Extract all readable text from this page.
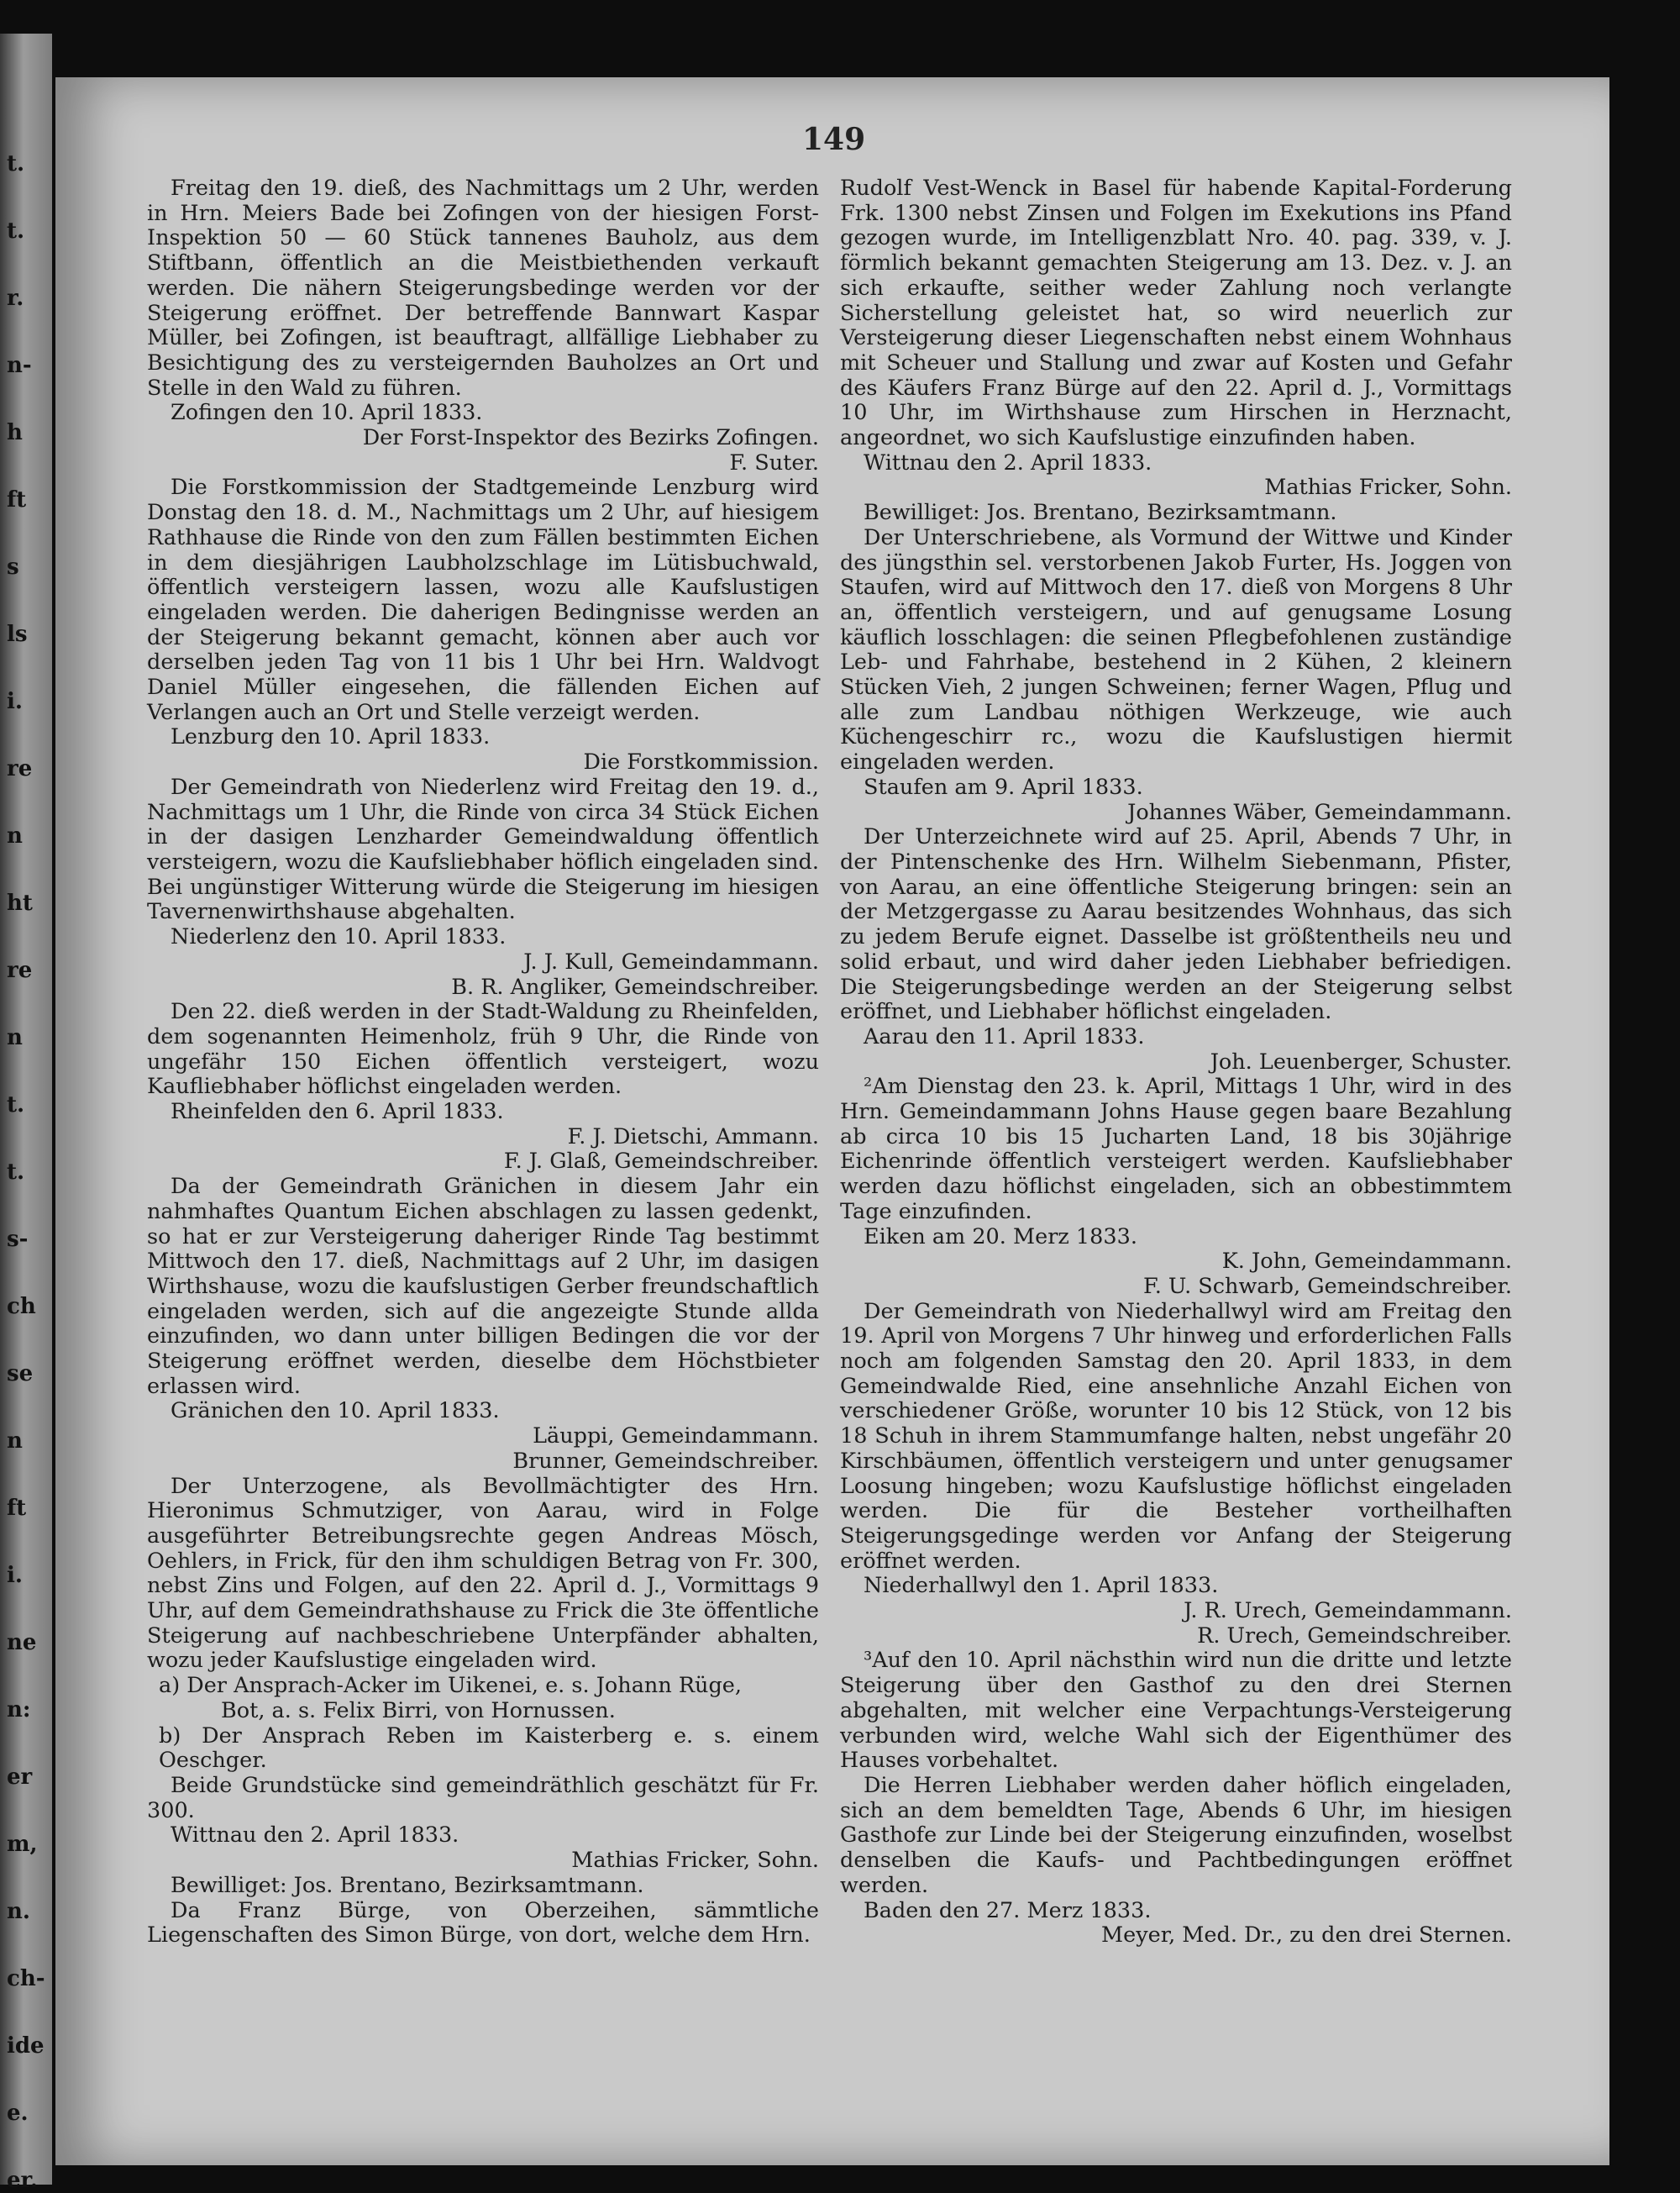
t.
t.
r.
n-
h
ft
s
ls
i.
re
n
ht
re
n
t.
t.
s-
ch
se
n
ft
i.
ne
n:
er
m,
n.
ch-
ide
e.
er.
149

Freitag den 19. dieß, des Nachmittags um 2 Uhr, werden in Hrn. Meiers Bade bei Zofingen von der hiesigen Forst-Inspektion 50 — 60 Stück tannenes Bauholz, aus dem Stiftbann, öffentlich an die Meistbiethenden verkauft werden. Die nähern Steigerungsbedinge werden vor der Steigerung eröffnet. Der betreffende Bannwart Kaspar Müller, bei Zofingen, ist beauftragt, allfällige Liebhaber zu Besichtigung des zu versteigernden Bauholzes an Ort und Stelle in den Wald zu führen.

Zofingen den 10. April 1833.

Der Forst-Inspektor des Bezirks Zofingen.

F. Suter.

Die Forstkommission der Stadtgemeinde Lenzburg wird Donstag den 18. d. M., Nachmittags um 2 Uhr, auf hiesigem Rathhause die Rinde von den zum Fällen bestimmten Eichen in dem diesjährigen Laubholzschlage im Lütisbuchwald, öffentlich versteigern lassen, wozu alle Kaufslustigen eingeladen werden. Die daherigen Bedingnisse werden an der Steigerung bekannt gemacht, können aber auch vor derselben jeden Tag von 11 bis 1 Uhr bei Hrn. Waldvogt Daniel Müller eingesehen, die fällenden Eichen auf Verlangen auch an Ort und Stelle verzeigt werden.

Lenzburg den 10. April 1833.

Die Forstkommission.

Der Gemeindrath von Niederlenz wird Freitag den 19. d., Nachmittags um 1 Uhr, die Rinde von circa 34 Stück Eichen in der dasigen Lenzharder Gemeindwaldung öffentlich versteigern, wozu die Kaufsliebhaber höflich eingeladen sind. Bei ungünstiger Witterung würde die Steigerung im hiesigen Tavernenwirthshause abgehalten.

Niederlenz den 10. April 1833.

J. J. Kull, Gemeindammann.

B. R. Angliker, Gemeindschreiber.

Den 22. dieß werden in der Stadt-Waldung zu Rheinfelden, dem sogenannten Heimenholz, früh 9 Uhr, die Rinde von ungefähr 150 Eichen öffentlich versteigert, wozu Kaufliebhaber höflichst eingeladen werden.

Rheinfelden den 6. April 1833.

F. J. Dietschi, Ammann.

F. J. Glaß, Gemeindschreiber.

Da der Gemeindrath Gränichen in diesem Jahr ein nahmhaftes Quantum Eichen abschlagen zu lassen gedenkt, so hat er zur Versteigerung daheriger Rinde Tag bestimmt Mittwoch den 17. dieß, Nachmittags auf 2 Uhr, im dasigen Wirthshause, wozu die kaufslustigen Gerber freundschaftlich eingeladen werden, sich auf die angezeigte Stunde allda einzufinden, wo dann unter billigen Bedingen die vor der Steigerung eröffnet werden, dieselbe dem Höchstbieter erlassen wird.

Gränichen den 10. April 1833.

Läuppi, Gemeindammann.

Brunner, Gemeindschreiber.

Der Unterzogene, als Bevollmächtigter des Hrn. Hieronimus Schmutziger, von Aarau, wird in Folge ausgeführter Betreibungsrechte gegen Andreas Mösch, Oehlers, in Frick, für den ihm schuldigen Betrag von Fr. 300, nebst Zins und Folgen, auf den 22. April d. J., Vormittags 9 Uhr, auf dem Gemeindrathshause zu Frick die 3te öffentliche Steigerung auf nachbeschriebene Unterpfänder abhalten, wozu jeder Kaufslustige eingeladen wird.

a) Der Ansprach-Acker im Uikenei, e. s. Johann Rüge,

Bot, a. s. Felix Birri, von Hornussen.

b) Der Ansprach Reben im Kaisterberg e. s. einem Oeschger.

Beide Grundstücke sind gemeindräthlich geschätzt für Fr. 300.

Wittnau den 2. April 1833.

Mathias Fricker, Sohn.

Bewilliget: Jos. Brentano, Bezirksamtmann.

Da Franz Bürge, von Oberzeihen, sämmtliche Liegenschaften des Simon Bürge, von dort, welche dem Hrn.

Rudolf Vest-Wenck in Basel für habende Kapital-Forderung Frk. 1300 nebst Zinsen und Folgen im Exekutions ins Pfand gezogen wurde, im Intelligenzblatt Nro. 40. pag. 339, v. J. förmlich bekannt gemachten Steigerung am 13. Dez. v. J. an sich erkaufte, seither weder Zahlung noch verlangte Sicherstellung geleistet hat, so wird neuerlich zur Versteigerung dieser Liegenschaften nebst einem Wohnhaus mit Scheuer und Stallung und zwar auf Kosten und Gefahr des Käufers Franz Bürge auf den 22. April d. J., Vormittags 10 Uhr, im Wirthshause zum Hirschen in Herznacht, angeordnet, wo sich Kaufslustige einzufinden haben.

Wittnau den 2. April 1833.

Mathias Fricker, Sohn.

Bewilliget: Jos. Brentano, Bezirksamtmann.

Der Unterschriebene, als Vormund der Wittwe und Kinder des jüngsthin sel. verstorbenen Jakob Furter, Hs. Joggen von Staufen, wird auf Mittwoch den 17. dieß von Morgens 8 Uhr an, öffentlich versteigern, und auf genugsame Losung käuflich losschlagen: die seinen Pflegbefohlenen zuständige Leb- und Fahrhabe, bestehend in 2 Kühen, 2 kleinern Stücken Vieh, 2 jungen Schweinen; ferner Wagen, Pflug und alle zum Landbau nöthigen Werkzeuge, wie auch Küchengeschirr rc., wozu die Kaufslustigen hiermit eingeladen werden.

Staufen am 9. April 1833.

Johannes Wäber, Gemeindammann.

Der Unterzeichnete wird auf 25. April, Abends 7 Uhr, in der Pintenschenke des Hrn. Wilhelm Siebenmann, Pfister, von Aarau, an eine öffentliche Steigerung bringen: sein an der Metzgergasse zu Aarau besitzendes Wohnhaus, das sich zu jedem Berufe eignet. Dasselbe ist größtentheils neu und solid erbaut, und wird daher jeden Liebhaber befriedigen. Die Steigerungsbedinge werden an der Steigerung selbst eröffnet, und Liebhaber höflichst eingeladen.

Aarau den 11. April 1833.

Joh. Leuenberger, Schuster.

²Am Dienstag den 23. k. April, Mittags 1 Uhr, wird in des Hrn. Gemeindammann Johns Hause gegen baare Bezahlung ab circa 10 bis 15 Jucharten Land, 18 bis 30jährige Eichenrinde öffentlich versteigert werden. Kaufsliebhaber werden dazu höflichst eingeladen, sich an obbestimmtem Tage einzufinden.

Eiken am 20. Merz 1833.

K. John, Gemeindammann.

F. U. Schwarb, Gemeindschreiber.

Der Gemeindrath von Niederhallwyl wird am Freitag den 19. April von Morgens 7 Uhr hinweg und erforderlichen Falls noch am folgenden Samstag den 20. April 1833, in dem Gemeindwalde Ried, eine ansehnliche Anzahl Eichen von verschiedener Größe, worunter 10 bis 12 Stück, von 12 bis 18 Schuh in ihrem Stammumfange halten, nebst ungefähr 20 Kirschbäumen, öffentlich versteigern und unter genugsamer Loosung hingeben; wozu Kaufslustige höflichst eingeladen werden. Die für die Besteher vortheilhaften Steigerungsgedinge werden vor Anfang der Steigerung eröffnet werden.

Niederhallwyl den 1. April 1833.

J. R. Urech, Gemeindammann.

R. Urech, Gemeindschreiber.

³Auf den 10. April nächsthin wird nun die dritte und letzte Steigerung über den Gasthof zu den drei Sternen abgehalten, mit welcher eine Verpachtungs-Versteigerung verbunden wird, welche Wahl sich der Eigenthümer des Hauses vorbehaltet.

Die Herren Liebhaber werden daher höflich eingeladen, sich an dem bemeldten Tage, Abends 6 Uhr, im hiesigen Gasthofe zur Linde bei der Steigerung einzufinden, woselbst denselben die Kaufs- und Pachtbedingungen eröffnet werden.

Baden den 27. Merz 1833.

Meyer, Med. Dr., zu den drei Sternen.
